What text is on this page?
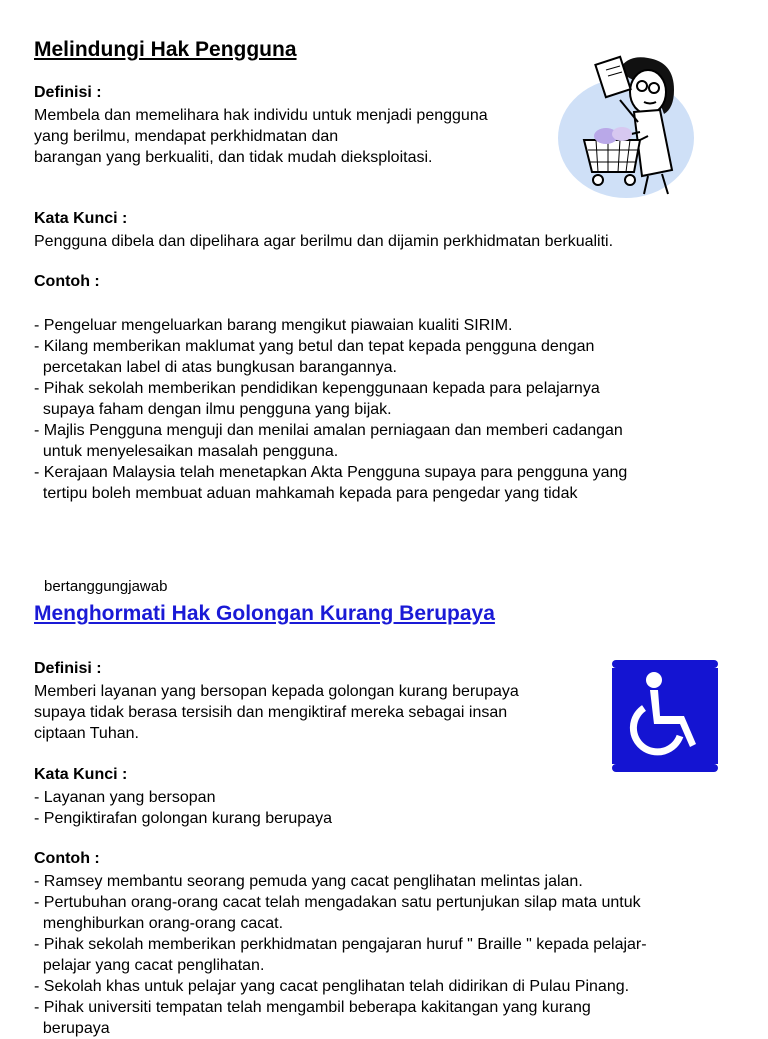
Melindungi Hak Pengguna
Definisi :

Membela dan memelihara hak individu untuk menjadi pengguna
yang berilmu, mendapat perkhidmatan dan
barangan yang berkualiti, dan tidak mudah dieksploitasi.

Kata Kunci :

Pengguna dibela dan dipelihara agar berilmu dan dijamin perkhidmatan berkualiti.

Contoh :
- Pengeluar mengeluarkan barang mengikut piawaian kualiti SIRIM.
- Kilang memberikan maklumat yang betul dan tepat kepada pengguna dengan
percetakan label di atas bungkusan barangannya.
- Pihak sekolah memberikan pendidikan kepenggunaan kepada para pelajarnya
supaya faham dengan ilmu pengguna yang bijak.
- Majlis Pengguna menguji dan menilai amalan perniagaan dan memberi cadangan
untuk menyelesaikan masalah pengguna.
- Kerajaan Malaysia telah menetapkan Akta Pengguna supaya para pengguna yang
tertipu boleh membuat aduan mahkamah kepada para pengedar yang tidak
bertanggungjawab
Menghormati Hak Golongan Kurang Berupaya
Definisi :

Memberi layanan yang bersopan kepada golongan kurang berupaya
supaya tidak berasa tersisih dan mengiktiraf mereka sebagai insan
ciptaan Tuhan.

Kata Kunci :
- Layanan yang bersopan
- Pengiktirafan golongan kurang berupaya
Contoh :
- Ramsey membantu seorang pemuda yang cacat penglihatan melintas jalan.
- Pertubuhan orang-orang cacat telah mengadakan satu pertunjukan silap mata untuk
menghiburkan orang-orang cacat.
- Pihak sekolah memberikan perkhidmatan pengajaran huruf " Braille " kepada pelajar-
pelajar yang cacat penglihatan.
- Sekolah khas untuk pelajar yang cacat penglihatan telah didirikan di Pulau Pinang.
- Pihak universiti tempatan telah mengambil beberapa kakitangan yang kurang
berupaya
